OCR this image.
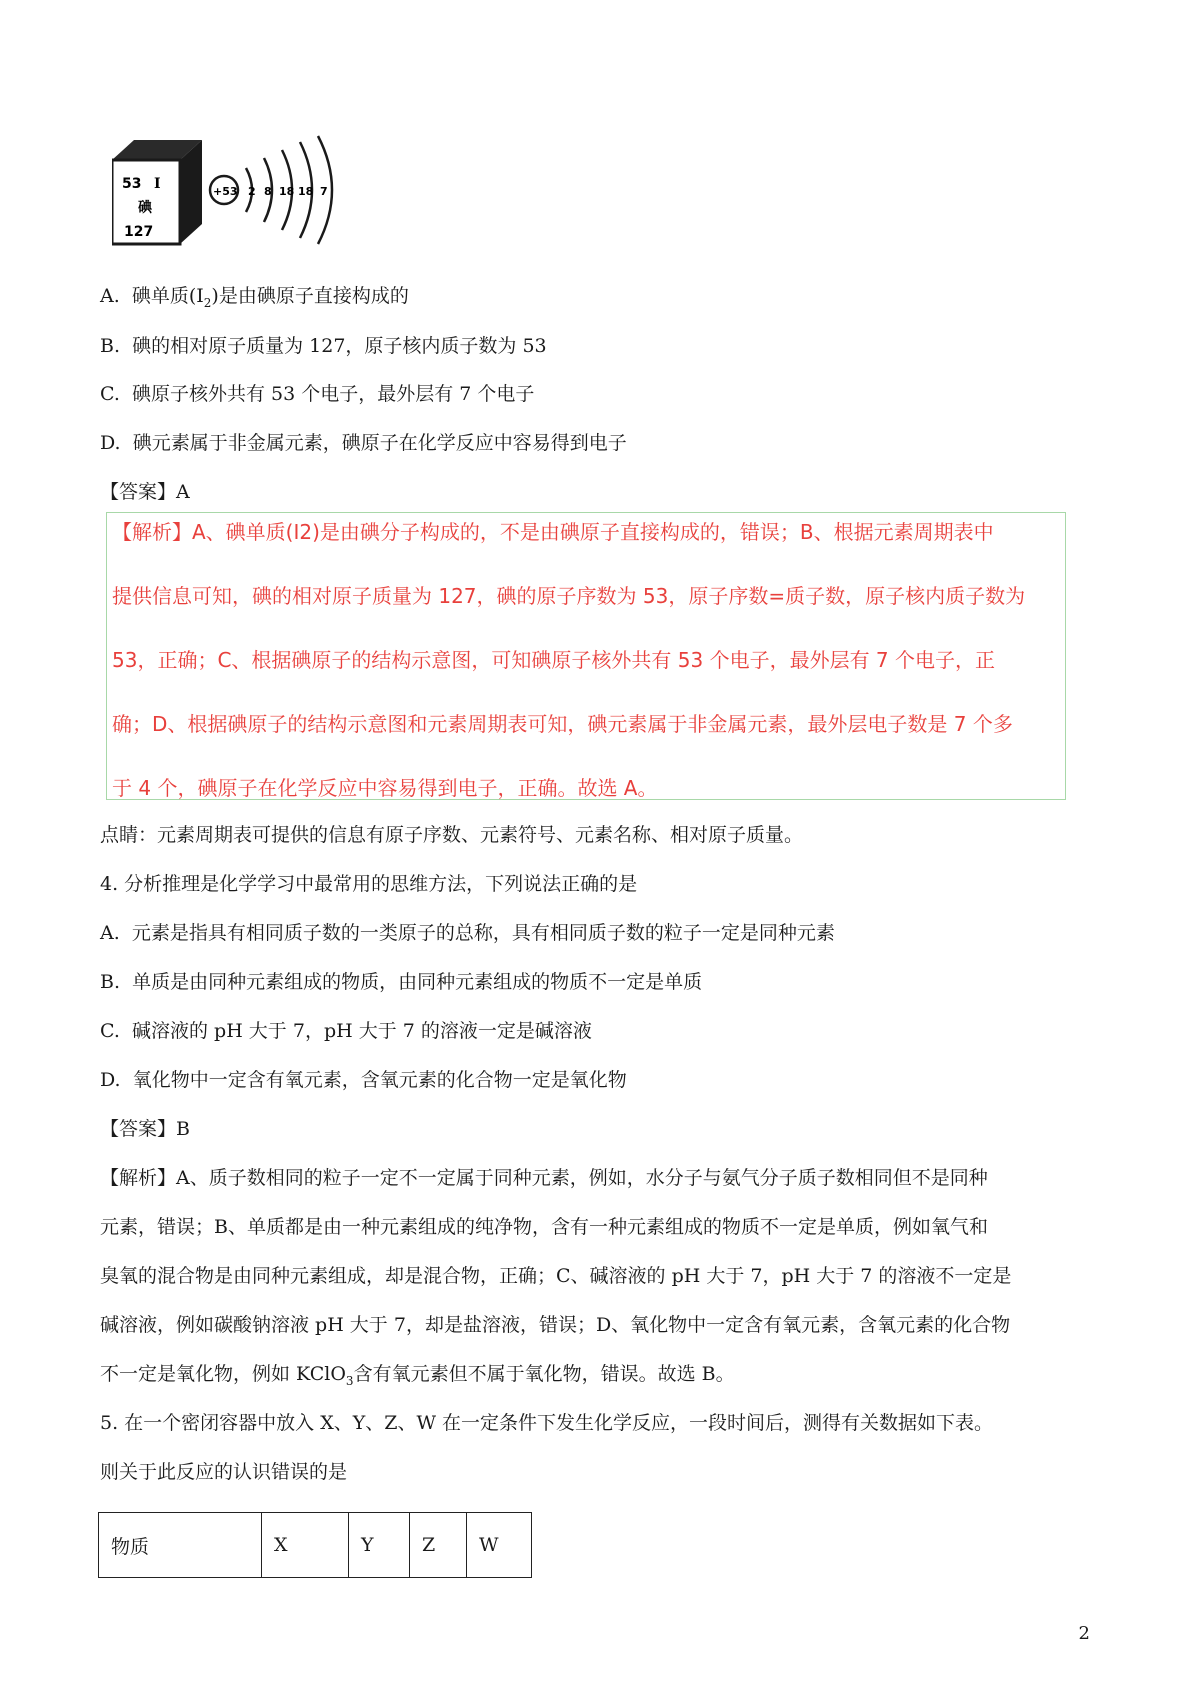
53 I
碘
127
+53 2 8 18 18 7
A. 碘单质$(I_2)$是由碘原子直接构成的
B. 碘的相对原子质量为 127，原子核内质子数为 53
C. 碘原子核外共有 53 个电子，最外层有 7 个电子
D. 碘元素属于非金属元素，碘原子在化学反应中容易得到电子
【答案】A
【解析】A、碘单质(I2)是由碘分子构成的，不是由碘原子直接构成的，错误；B、根据元素周期表中
提供信息可知，碘的相对原子质量为 127，碘的原子序数为 53，原子序数=质子数，原子核内质子数为
53，正确；C、根据碘原子的结构示意图，可知碘原子核外共有 53 个电子，最外层有 7 个电子，正
确；D、根据碘原子的结构示意图和元素周期表可知，碘元素属于非金属元素，最外层电子数是 7 个多
于 4 个，碘原子在化学反应中容易得到电子，正确。故选 A。
点睛：元素周期表可提供的信息有原子序数、元素符号、元素名称、相对原子质量。
4. 分析推理是化学学习中最常用的思维方法，下列说法正确的是
A. 元素是指具有相同质子数的一类原子的总称，具有相同质子数的粒子一定是同种元素
B. 单质是由同种元素组成的物质，由同种元素组成的物质不一定是单质
C. 碱溶液的 pH 大于 7，pH 大于 7 的溶液一定是碱溶液
D. 氧化物中一定含有氧元素，含氧元素的化合物一定是氧化物
【答案】B
【解析】A、质子数相同的粒子一定不一定属于同种元素，例如，水分子与氨气分子质子数相同但不是同种
元素，错误；B、单质都是由一种元素组成的纯净物，含有一种元素组成的物质不一定是单质，例如氧气和
臭氧的混合物是由同种元素组成，却是混合物，正确；C、碱溶液的 pH 大于 7，pH 大于 7 的溶液不一定是
碱溶液，例如碳酸钠溶液 pH 大于 7，却是盐溶液，错误；D、氧化物中一定含有氧元素，含氧元素的化合物
不一定是氧化物，例如 KClO$_3$含有氧元素但不属于氧化物，错误。故选 B。
5. 在一个密闭容器中放入 X、Y、Z、W 在一定条件下发生化学反应，一段时间后，测得有关数据如下表。
则关于此反应的认识错误的是
物质	X	Y	Z	W
2
